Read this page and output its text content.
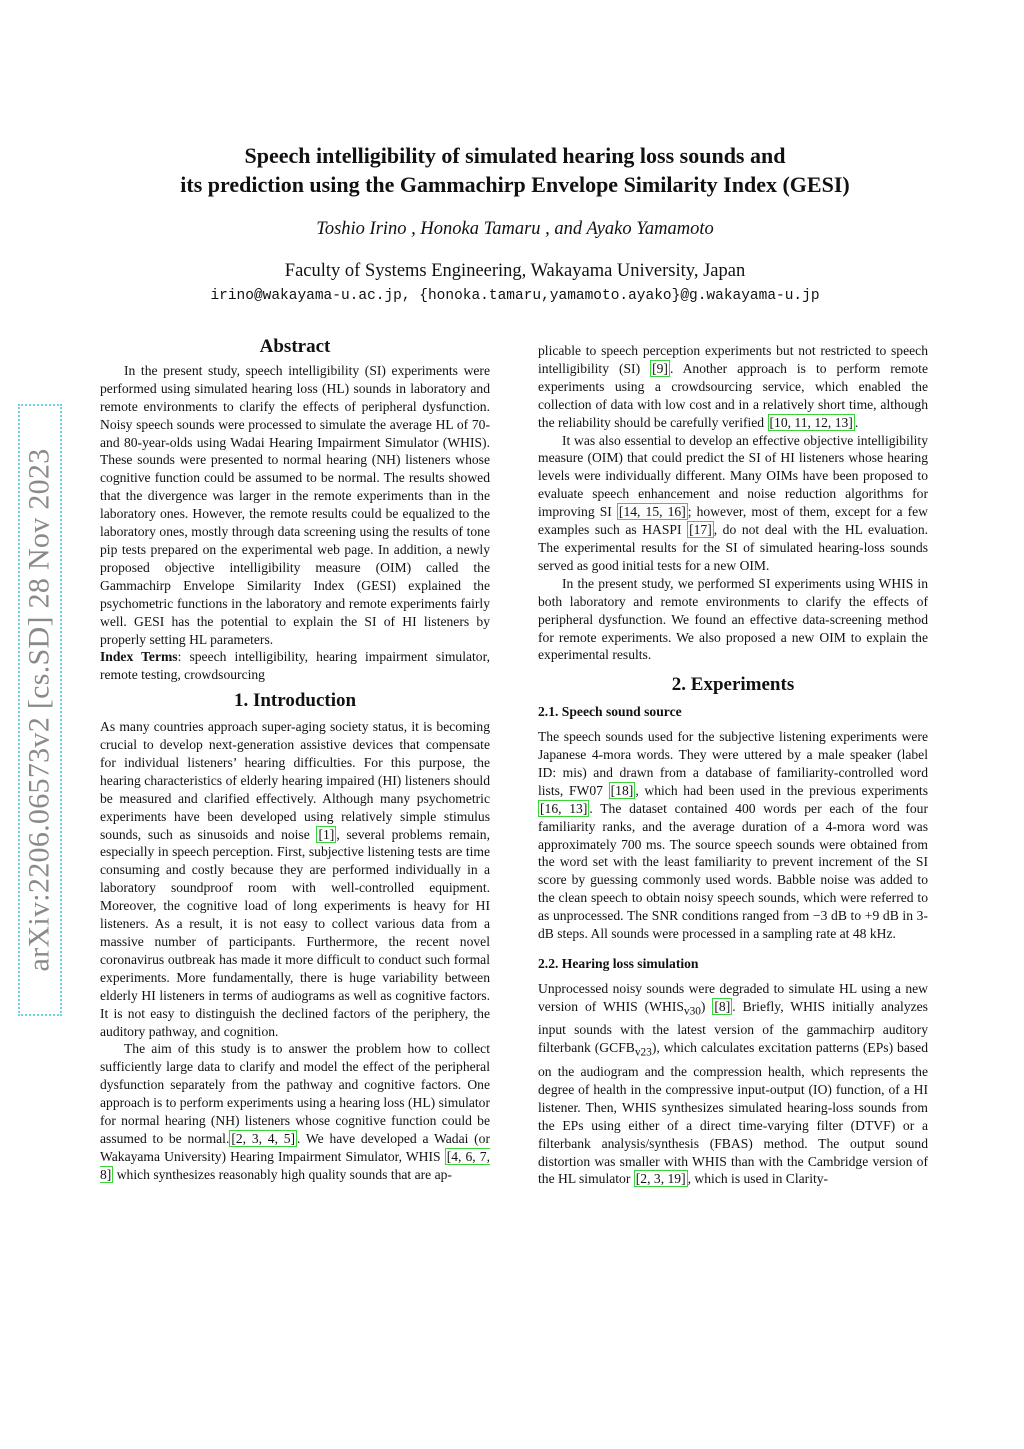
arXiv:2206.06573v2 [cs.SD] 28 Nov 2023
Speech intelligibility of simulated hearing loss sounds and
its prediction using the Gammachirp Envelope Similarity Index (GESI)
Toshio Irino , Honoka Tamaru , and Ayako Yamamoto
Faculty of Systems Engineering, Wakayama University, Japan
irino@wakayama-u.ac.jp, {honoka.tamaru,yamamoto.ayako}@g.wakayama-u.jp
Abstract

In the present study, speech intelligibility (SI) experiments were performed using simulated hearing loss (HL) sounds in laboratory and remote environments to clarify the effects of peripheral dysfunction. Noisy speech sounds were processed to simulate the average HL of 70- and 80-year-olds using Wadai Hearing Impairment Simulator (WHIS). These sounds were presented to normal hearing (NH) listeners whose cognitive function could be assumed to be normal. The results showed that the divergence was larger in the remote experiments than in the laboratory ones. However, the remote results could be equalized to the laboratory ones, mostly through data screening using the results of tone pip tests prepared on the experimental web page. In addition, a newly proposed objective intelligibility measure (OIM) called the Gammachirp Envelope Similarity Index (GESI) explained the psychometric functions in the laboratory and remote experiments fairly well. GESI has the potential to explain the SI of HI listeners by properly setting HL parameters.

Index Terms: speech intelligibility, hearing impairment simulator, remote testing, crowdsourcing

1. Introduction

As many countries approach super-aging society status, it is becoming crucial to develop next-generation assistive devices that compensate for individual listeners’ hearing difficulties. For this purpose, the hearing characteristics of elderly hearing impaired (HI) listeners should be measured and clarified effectively. Although many psychometric experiments have been developed using relatively simple stimulus sounds, such as sinusoids and noise [1] , several problems remain, especially in speech perception. First, subjective listening tests are time consuming and costly because they are performed individually in a laboratory soundproof room with well-controlled equipment. Moreover, the cognitive load of long experiments is heavy for HI listeners. As a result, it is not easy to collect various data from a massive number of participants. Furthermore, the recent novel coronavirus outbreak has made it more difficult to conduct such formal experiments. More fundamentally, there is huge variability between elderly HI listeners in terms of audiograms as well as cognitive factors. It is not easy to distinguish the declined factors of the periphery, the auditory pathway, and cognition.

The aim of this study is to answer the problem how to collect sufficiently large data to clarify and model the effect of the peripheral dysfunction separately from the pathway and cognitive factors. One approach is to perform experiments using a hearing loss (HL) simulator for normal hearing (NH) listeners whose cognitive function could be assumed to be normal. [2, 3, 4, 5] . We have developed a Wadai (or Wakayama University) Hearing Impairment Simulator, WHIS [4, 6, 7, 8] which synthesizes reasonably high quality sounds that are ap-

plicable to speech perception experiments but not restricted to speech intelligibility (SI) [9] . Another approach is to perform remote experiments using a crowdsourcing service, which enabled the collection of data with low cost and in a relatively short time, although the reliability should be carefully verified [10, 11, 12, 13] .

It was also essential to develop an effective objective intelligibility measure (OIM) that could predict the SI of HI listeners whose hearing levels were individually different. Many OIMs have been proposed to evaluate speech enhancement and noise reduction algorithms for improving SI [14, 15, 16] ; however, most of them, except for a few examples such as HASPI [17] , do not deal with the HL evaluation. The experimental results for the SI of simulated hearing-loss sounds served as good initial tests for a new OIM.

In the present study, we performed SI experiments using WHIS in both laboratory and remote environments to clarify the effects of peripheral dysfunction. We found an effective data-screening method for remote experiments. We also proposed a new OIM to explain the experimental results.

2. Experiments
2.1. Speech sound source

The speech sounds used for the subjective listening experiments were Japanese 4-mora words. They were uttered by a male speaker (label ID: mis) and drawn from a database of familiarity-controlled word lists, FW07 [18] , which had been used in the previous experiments [16, 13] . The dataset contained 400 words per each of the four familiarity ranks, and the average duration of a 4-mora word was approximately 700 ms. The source speech sounds were obtained from the word set with the least familiarity to prevent increment of the SI score by guessing commonly used words. Babble noise was added to the clean speech to obtain noisy speech sounds, which were referred to as unprocessed. The SNR conditions ranged from −3 dB to +9 dB in 3-dB steps. All sounds were processed in a sampling rate at 48 kHz.

2.2. Hearing loss simulation

Unprocessed noisy sounds were degraded to simulate HL using a new version of WHIS $(WHIS_{v30})$ [8] . Briefly, WHIS initially analyzes input sounds with the latest version of the gammachirp auditory filterbank $(GCFB_{v23})$, which calculates excitation patterns (EPs) based on the audiogram and the compression health, which represents the degree of health in the compressive input-output (IO) function, of a HI listener. Then, WHIS synthesizes simulated hearing-loss sounds from the EPs using either of a direct time-varying filter (DTVF) or a filterbank analysis/synthesis (FBAS) method. The output sound distortion was smaller with WHIS than with the Cambridge version of the HL simulator [2, 3, 19] , which is used in Clarity-
